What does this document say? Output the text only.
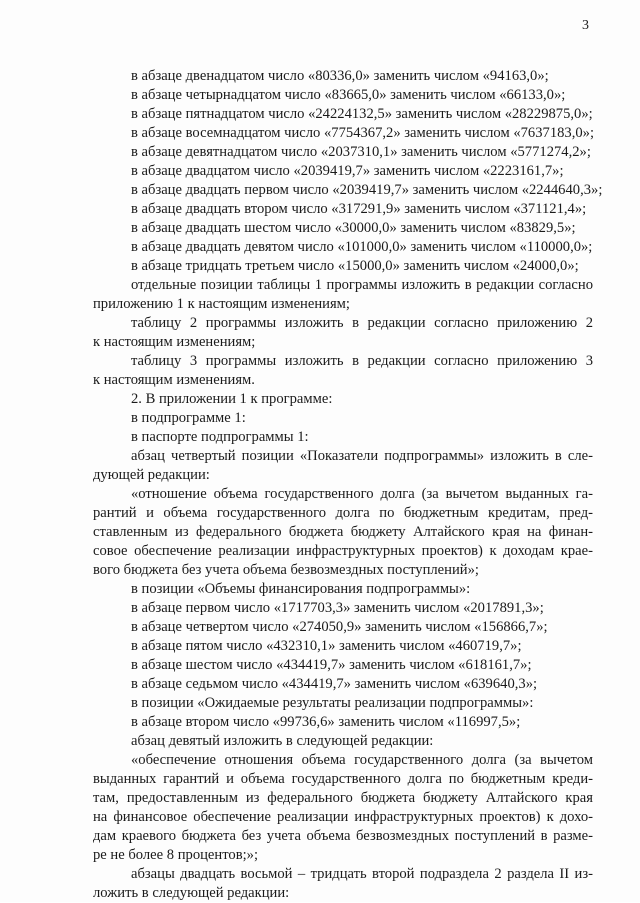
3
в абзаце двенадцатом число «80336,0» заменить числом «94163,0»;
в абзаце четырнадцатом число «83665,0» заменить числом «66133,0»;
в абзаце пятнадцатом число «24224132,5» заменить числом «28229875,0»;
в абзаце восемнадцатом число «7754367,2» заменить числом «7637183,0»;
в абзаце девятнадцатом число «2037310,1» заменить числом «5771274,2»;
в абзаце двадцатом число «2039419,7» заменить числом «2223161,7»;
в абзаце двадцать первом число «2039419,7» заменить числом «2244640,3»;
в абзаце двадцать втором число «317291,9» заменить числом «371121,4»;
в абзаце двадцать шестом число «30000,0» заменить числом «83829,5»;
в абзаце двадцать девятом число «101000,0» заменить числом «110000,0»;
в абзаце тридцать третьем число «15000,0» заменить числом «24000,0»;
отдельные позиции таблицы 1 программы изложить в редакции согласно
приложению 1 к настоящим изменениям;
таблицу 2 программы изложить в редакции согласно приложению 2
к настоящим изменениям;
таблицу 3 программы изложить в редакции согласно приложению 3
к настоящим изменениям.
2. В приложении 1 к программе:
в подпрограмме 1:
в паспорте подпрограммы 1:
абзац четвертый позиции «Показатели подпрограммы» изложить в сле-
дующей редакции:
«отношение объема государственного долга (за вычетом выданных га-
рантий и объема государственного долга по бюджетным кредитам, пред-
ставленным из федерального бюджета бюджету Алтайского края на финан-
совое обеспечение реализации инфраструктурных проектов) к доходам крае-
вого бюджета без учета объема безвозмездных поступлений»;
в позиции «Объемы финансирования подпрограммы»:
в абзаце первом число «1717703,3» заменить числом «2017891,3»;
в абзаце четвертом число «274050,9» заменить числом «156866,7»;
в абзаце пятом число «432310,1» заменить числом «460719,7»;
в абзаце шестом число «434419,7» заменить числом «618161,7»;
в абзаце седьмом число «434419,7» заменить числом «639640,3»;
в позиции «Ожидаемые результаты реализации подпрограммы»:
в абзаце втором число «99736,6» заменить числом «116997,5»;
абзац девятый изложить в следующей редакции:
«обеспечение отношения объема государственного долга (за вычетом
выданных гарантий и объема государственного долга по бюджетным креди-
там, предоставленным из федерального бюджета бюджету Алтайского края
на финансовое обеспечение реализации инфраструктурных проектов) к дохо-
дам краевого бюджета без учета объема безвозмездных поступлений в разме-
ре не более 8 процентов;»;
абзацы двадцать восьмой – тридцать второй подраздела 2 раздела II из-
ложить в следующей редакции:
